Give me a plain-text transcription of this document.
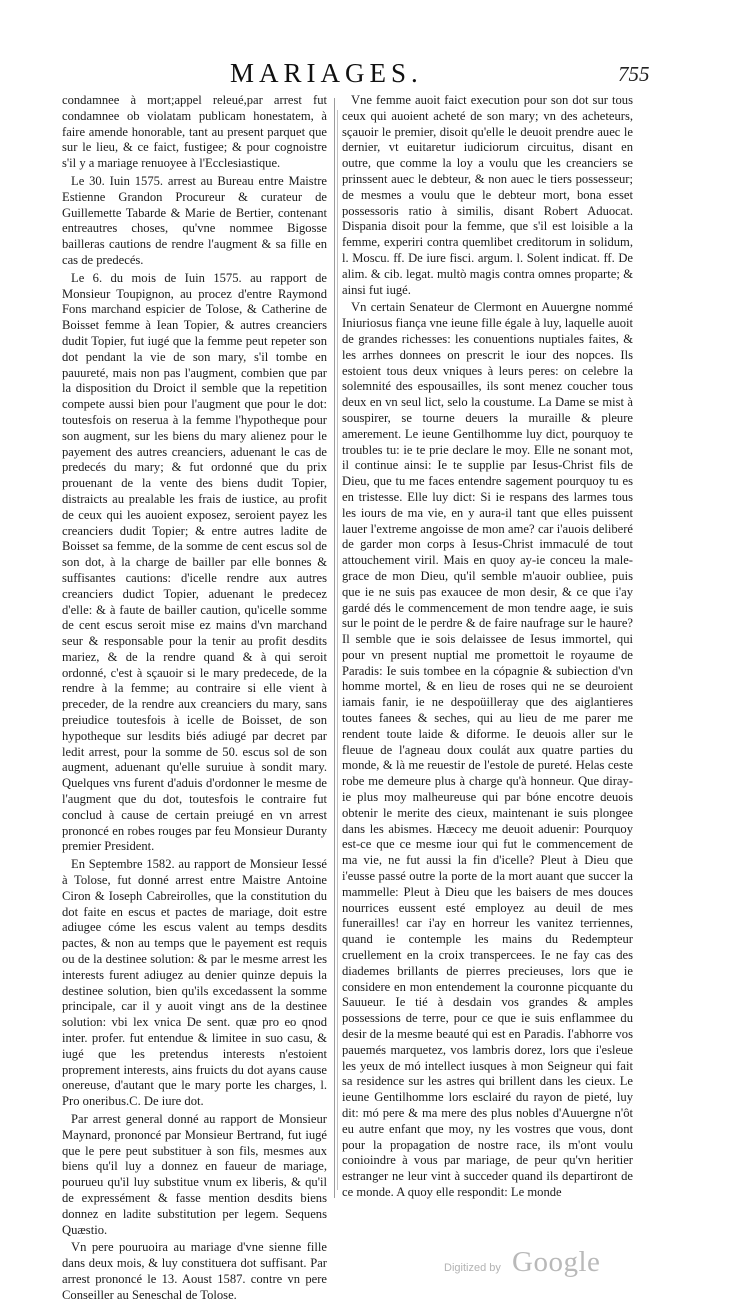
MARIAGES.	755

condamnee à mort;appel releué,par arrest fut condamnee ob violatam publicam honestatem, à faire amende honorable, tant au present parquet que sur le lieu, & ce faict, fustigee; & pour cognoistre s'il y a mariage renuoyee à l'Ecclesiastique.

Le 30. Iuin 1575. arrest au Bureau entre Maistre Estienne Grandon Procureur & curateur de Guillemette Tabarde & Marie de Bertier, contenant entreautres choses, qu'vne nommee Bigosse bailleras cautions de rendre l'augment & sa fille en cas de predecés.

Le 6. du mois de Iuin 1575. au rapport de Monsieur Toupignon, au procez d'entre Raymond Fons marchand espicier de Tolose, & Catherine de Boisset femme à Iean Topier, & autres creanciers dudit Topier, fut iugé que la femme peut repeter son dot pendant la vie de son mary, s'il tombe en pauureté, mais non pas l'augment, combien que par la disposition du Droict il semble que la repetition compete aussi bien pour l'augment que pour le dot: toutesfois on reserua à la femme l'hypotheque pour son augment, sur les biens du mary alienez pour le payement des autres creanciers, aduenant le cas de predecés du mary; & fut ordonné que du prix prouenant de la vente des biens dudit Topier, distraicts au prealable les frais de iustice, au profit de ceux qui les auoient exposez, seroient payez les creanciers dudit Topier; & entre autres ladite de Boisset sa femme, de la somme de cent escus sol de son dot, à la charge de bailler par elle bonnes & suffisantes cautions: d'icelle rendre aux autres creanciers dudict Topier, aduenant le predecez d'elle: & à faute de bailler caution, qu'icelle somme de cent escus seroit mise ez mains d'vn marchand seur & responsable pour la tenir au profit desdits mariez, & de la rendre quand & à qui seroit ordonné, c'est à sçauoir si le mary predecede, de la rendre à la femme; au contraire si elle vient à preceder, de la rendre aux creanciers du mary, sans preiudice toutesfois à icelle de Boisset, de son hypotheque sur lesdits biés adiugé par decret par ledit arrest, pour la somme de 50. escus sol de son augment, aduenant qu'elle suruiue à sondit mary. Quelques vns furent d'aduis d'ordonner le mesme de l'augment que du dot, toutesfois le contraire fut conclud à cause de certain preiugé en vn arrest prononcé en robes rouges par feu Monsieur Duranty premier President.

En Septembre 1582. au rapport de Monsieur Iessé à Tolose, fut donné arrest entre Maistre Antoine Ciron & Ioseph Cabreirolles, que la constitution du dot faite en escus et pactes de mariage, doit estre adiugee cóme les escus valent au temps desdits pactes, & non au temps que le payement est requis ou de la destinee solution: & par le mesme arrest les interests furent adiugez au denier quinze depuis la destinee solution, bien qu'ils excedassent la somme principale, car il y auoit vingt ans de la destinee solution: vbi lex vnica De sent. quæ pro eo qnod inter. profer. fut entendue & limitee in suo casu, & iugé que les pretendus interests n'estoient proprement interests, ains fruicts du dot ayans cause onereuse, d'autant que le mary porte les charges, l. Pro oneribus.C. De iure dot.

Par arrest general donné au rapport de Monsieur Maynard, prononcé par Monsieur Bertrand, fut iugé que le pere peut substituer à son fils, mesmes aux biens qu'il luy a donnez en faueur de mariage, pourueu qu'il luy substitue vnum ex liberis, & qu'il de expressément & fasse mention desdits biens donnez en ladite substitution per legem. Sequens Quæstio.

Vn pere pouruoira au mariage d'vne sienne fille dans deux mois, & luy constituera dot suffisant. Par arrest prononcé le 13. Aoust 1587. contre vn pere Conseiller au Seneschal de Tolose.

Vne femme auoit faict execution pour son dot sur tous ceux qui auoient acheté de son mary; vn des acheteurs, sçauoir le premier, disoit qu'elle le deuoit prendre auec le dernier, vt euitaretur iudiciorum circuitus, disant en outre, que comme la loy a voulu que les creanciers se prinssent auec le debteur, & non auec le tiers possesseur; de mesmes a voulu que le debteur mort, bona esset possessoris ratio à similis, disant Robert Aduocat. Dispania disoit pour la femme, que s'il est loisible a la femme, experiri contra quemlibet creditorum in solidum, l. Moscu. ff. De iure fisci. argum. l. Solent indicat. ff. De alim. & cib. legat. multò magis contra omnes proparte; & ainsi fut iugé.

Vn certain Senateur de Clermont en Auuergne nommé Iniuriosus fiança vne ieune fille égale à luy, laquelle auoit de grandes richesses: les conuentions nuptiales faites, & les arrhes donnees on prescrit le iour des nopces. Ils estoient tous deux vniques à leurs peres: on celebre la solemnité des espousailles, ils sont menez coucher tous deux en vn seul lict, selo la coustume. La Dame se mist à souspirer, se tourne deuers la muraille & pleure amerement. Le ieune Gentilhomme luy dict, pourquoy te troubles tu: ie te prie declare le moy. Elle ne sonant mot, il continue ainsi: Ie te supplie par Iesus-Christ fils de Dieu, que tu me faces entendre sagement pourquoy tu es en tristesse. Elle luy dict: Si ie respans des larmes tous les iours de ma vie, en y aura-il tant que elles puissent lauer l'extreme angoisse de mon ame? car i'auois deliberé de garder mon corps à Iesus-Christ immaculé de tout attouchement viril. Mais en quoy ay-ie conceu la male-grace de mon Dieu, qu'il semble m'auoir oubliee, puis que ie ne suis pas exaucee de mon desir, & ce que i'ay gardé dés le commencement de mon tendre aage, ie suis sur le point de le perdre & de faire naufrage sur le haure? Il semble que ie sois delaissee de Iesus immortel, qui pour vn present nuptial me promettoit le royaume de Paradis: Ie suis tombee en la cópagnie & subiection d'vn homme mortel, & en lieu de roses qui ne se deuroient iamais fanir, ie ne despoüilleray que des aiglantieres toutes fanees & seches, qui au lieu de me parer me rendent toute laide & diforme. Ie deuois aller sur le fleuue de l'agneau doux coulát aux quatre parties du monde, & là me reuestir de l'estole de pureté. Helas ceste robe me demeure plus à charge qu'à honneur. Que diray-ie plus moy malheureuse qui par bóne encotre deuois obtenir le merite des cieux, maintenant ie suis plongee dans les abismes. Hæcecy me deuoit aduenir: Pourquoy est-ce que ce mesme iour qui fut le commencement de ma vie, ne fut aussi la fin d'icelle? Pleut à Dieu que i'eusse passé outre la porte de la mort auant que succer la mammelle: Pleut à Dieu que les baisers de mes douces nourrices eussent esté employez au deuil de mes funerailles! car i'ay en horreur les vanitez terriennes, quand ie contemple les mains du Redempteur cruellement en la croix transpercees. Ie ne fay cas des diademes brillants de pierres precieuses, lors que ie considere en mon entendement la couronne picquante du Sauueur. Ie tié à desdain vos grandes & amples possessions de terre, pour ce que ie suis enflammee du desir de la mesme beauté qui est en Paradis. I'abhorre vos pauemés marquetez, vos lambris dorez, lors que i'esleue les yeux de mó intellect iusques à mon Seigneur qui fait sa residence sur les astres qui brillent dans les cieux. Le ieune Gentilhomme lors esclairé du rayon de pieté, luy dit: mó pere & ma mere des plus nobles d'Auuergne n'ôt eu autre enfant que moy, ny les vostres que vous, dont pour la propagation de nostre race, ils m'ont voulu conioindre à vous par mariage, de peur qu'vn heritier estranger ne leur vint à succeder quand ils departiront de ce monde. A quoy elle respondit: Le monde

Digitized by Google
